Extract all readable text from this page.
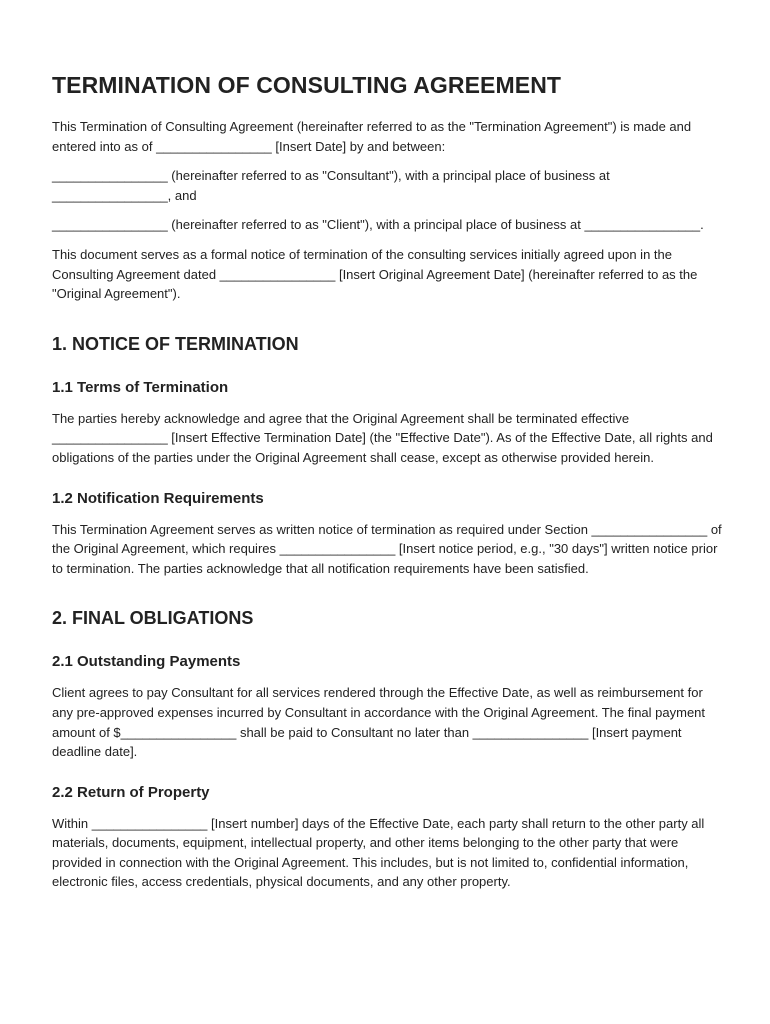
TERMINATION OF CONSULTING AGREEMENT

This Termination of Consulting Agreement (hereinafter referred to as the "Termination Agreement") is made and entered into as of ________________ [Insert Date] by and between:

________________ (hereinafter referred to as "Consultant"), with a principal place of business at ________________, and

________________ (hereinafter referred to as "Client"), with a principal place of business at ________________.

This document serves as a formal notice of termination of the consulting services initially agreed upon in the Consulting Agreement dated ________________ [Insert Original Agreement Date] (hereinafter referred to as the "Original Agreement").

1. NOTICE OF TERMINATION
1.1 Terms of Termination

The parties hereby acknowledge and agree that the Original Agreement shall be terminated effective ________________ [Insert Effective Termination Date] (the "Effective Date"). As of the Effective Date, all rights and obligations of the parties under the Original Agreement shall cease, except as otherwise provided herein.

1.2 Notification Requirements

This Termination Agreement serves as written notice of termination as required under Section ________________ of the Original Agreement, which requires ________________ [Insert notice period, e.g., "30 days"] written notice prior to termination. The parties acknowledge that all notification requirements have been satisfied.

2. FINAL OBLIGATIONS
2.1 Outstanding Payments

Client agrees to pay Consultant for all services rendered through the Effective Date, as well as reimbursement for any pre-approved expenses incurred by Consultant in accordance with the Original Agreement. The final payment amount of $________________ shall be paid to Consultant no later than ________________ [Insert payment deadline date].

2.2 Return of Property

Within ________________ [Insert number] days of the Effective Date, each party shall return to the other party all materials, documents, equipment, intellectual property, and other items belonging to the other party that were provided in connection with the Original Agreement. This includes, but is not limited to, confidential information, electronic files, access credentials, physical documents, and any other property.
